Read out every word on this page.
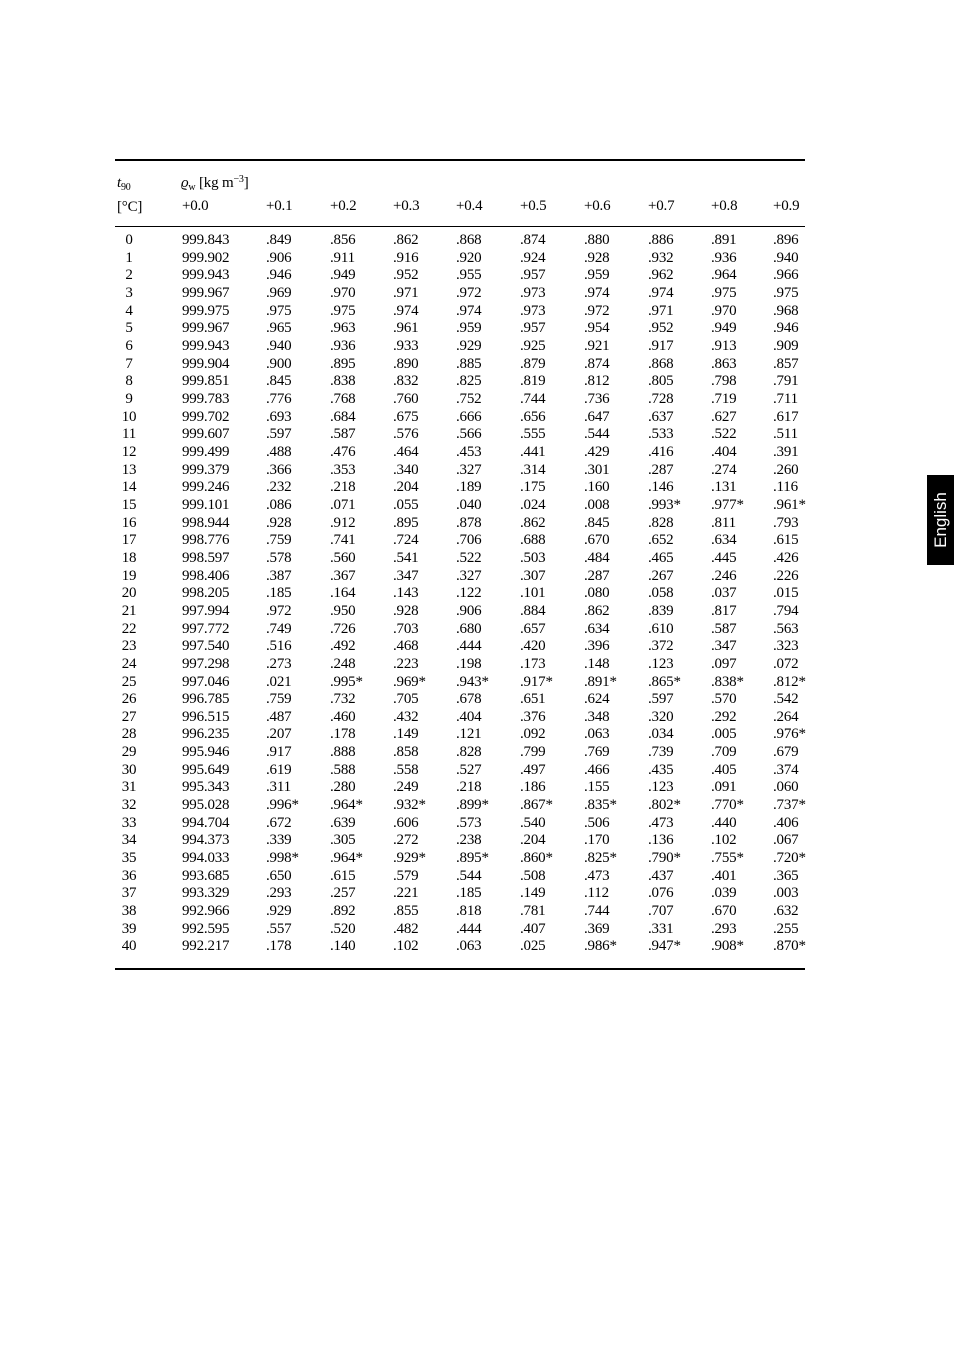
$t_{90}$	$ϱ_w$ [kg $m^{-3}$]
[°C]	+0.0	+0.1	+0.2 +0.3 +0.4	+0.5	+0.6	+0.7 +0.8 +0.9
0	999.843 .849	.856	.862	.868	.874	.880	.886	.891 .896
1	999.902 .906	.911	.916	.920	.924	.928	.932	.936 .940
2	999.943 .946	.949	.952	.955	.957	.959	.962	.964 .966
3	999.967 .969	.970	.971	.972	.973	.974	.974	.975 .975
4	999.975 .975	.975	.974	.974	.973	.972	.971	.970 .968
5	999.967 .965	.963	.961	.959	.957	.954	.952	.949 .946
6	999.943 .940	.936	.933	.929	.925	.921	.917	.913 .909
7	999.904 .900	.895	.890	.885	.879	.874	.868	.863 .857
8	999.851 .845	.838	.832	.825	.819	.812	.805	.798 .791
9	999.783 .776	.768	.760	.752	.744	.736	.728	.719 .711
10	999.702 .693	.684	.675	.666	.656	.647	.637	.627 .617
11	999.607 .597	.587	.576	.566	.555	.544	.533	.522 .511
12	999.499 .488	.476	.464	.453	.441	.429	.416	.404 .391
13	999.379 .366	.353	.340	.327	.314	.301	.287	.274 .260
14	999.246 .232	.218	.204	.189	.175	.160	.146	.131 .116
15	999.101 .086	.071	.055	.040	.024	.008	.993* .977* .961*
16	998.944 .928	.912	.895	.878	.862	.845	.828	.811 .793
17	998.776 .759	.741	.724	.706	.688	.670	.652	.634 .615
18	998.597 .578	.560	.541	.522	.503	.484	.465	.445 .426
19	998.406 .387	.367	.347	.327	.307	.287	.267	.246 .226
20	998.205 .185	.164	.143	.122	.101	.080	.058	.037 .015
21	997.994 .972	.950	.928	.906	.884	.862	.839	.817 .794
22	997.772 .749	.726	.703	.680	.657	.634	.610	.587 .563
23	997.540 .516	.492	.468	.444	.420	.396	.372	.347 .323
24	997.298 .273	.248	.223	.198	.173	.148	.123	.097 .072
25	997.046 .021	.995* .969* .943* .917* .891* .865* .838* .812*
26	996.785 .759	.732	.705	.678	.651	.624	.597	.570 .542
27	996.515 .487	.460	.432	.404	.376	.348	.320	.292 .264
28	996.235 .207	.178	.149	.121	.092	.063	.034	.005 .976*
29	995.946 .917	.888	.858	.828	.799	.769	.739	.709 .679
30	995.649 .619	.588	.558	.527	.497	.466	.435	.405 .374
31	995.343 .311	.280	.249	.218	.186	.155	.123	.091 .060
32	995.028 .996* .964* .932* .899* .867* .835* .802* .770* .737*
33	994.704 .672	.639	.606	.573	.540	.506	.473	.440 .406
34	994.373 .339	.305	.272	.238	.204	.170	.136	.102 .067
35	994.033 .998* .964* .929* .895* .860* .825* .790* .755* .720*
36	993.685 .650	.615	.579	.544	.508	.473	.437	.401 .365
37	993.329 .293	.257	.221	.185	.149	.112	.076	.039 .003
38	992.966 .929	.892	.855	.818	.781	.744	.707	.670 .632
39	992.595 .557	.520	.482	.444	.407	.369	.331	.293 .255
40	992.217 .178	.140	.102	.063	.025	.986* .947* .908* .870*
English
